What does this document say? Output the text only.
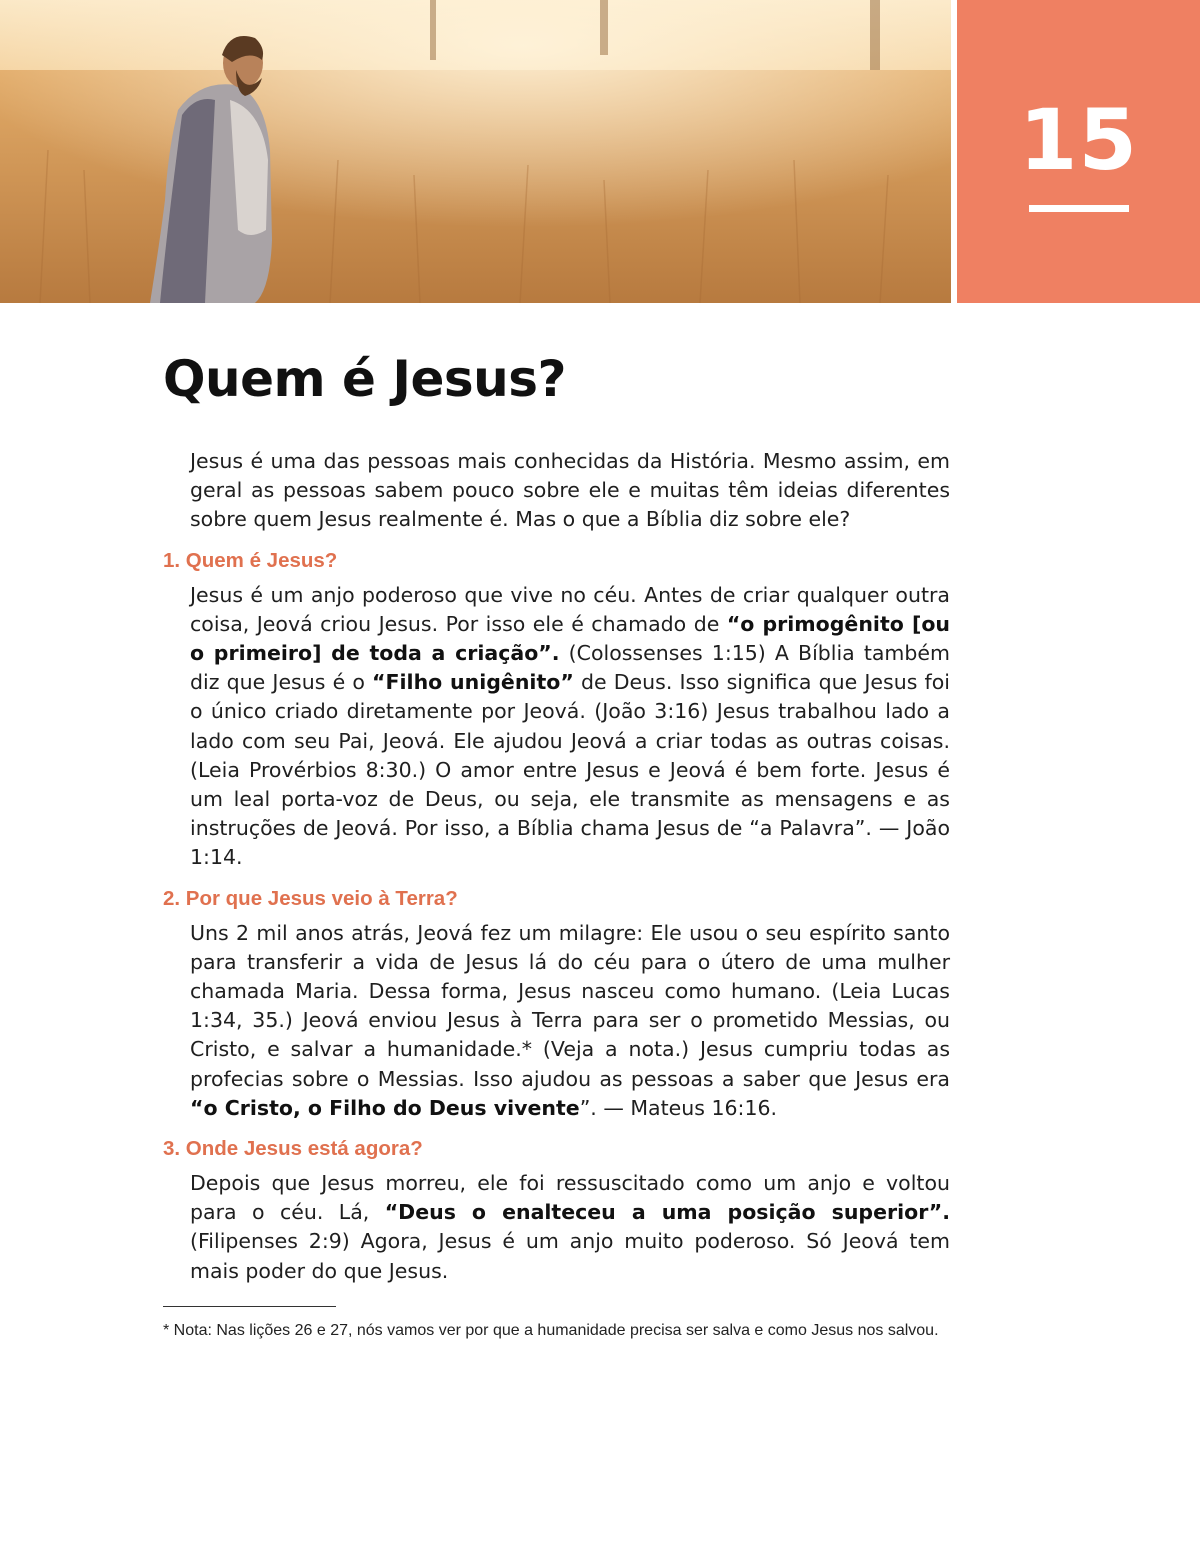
15
Quem é Jesus?

Jesus é uma das pessoas mais conhecidas da História. Mesmo assim, em geral as pessoas sabem pouco sobre ele e muitas têm ideias diferentes sobre quem Jesus realmente é. Mas o que a Bíblia diz sobre ele?

1. Quem é Jesus?

Jesus é um anjo poderoso que vive no céu. Antes de criar qualquer outra coisa, Jeová criou Jesus. Por isso ele é chamado de “o primogênito [ou o primeiro] de toda a criação”. (Colossenses 1:15) A Bíblia também diz que Jesus é o “Filho unigênito” de Deus. Isso significa que Jesus foi o único criado diretamente por Jeová. (João 3:16) Jesus trabalhou lado a lado com seu Pai, Jeová. Ele ajudou Jeová a criar todas as outras coisas. (Leia Provérbios 8:30.) O amor entre Jesus e Jeová é bem forte. Jesus é um leal porta-voz de Deus, ou seja, ele transmite as mensagens e as instruções de Jeová. Por isso, a Bíblia chama Jesus de “a Palavra”. — João 1:14.

2. Por que Jesus veio à Terra?

Uns 2 mil anos atrás, Jeová fez um milagre: Ele usou o seu espírito santo para transferir a vida de Jesus lá do céu para o útero de uma mulher chamada Maria. Dessa forma, Jesus nasceu como humano. (Leia Lucas 1:34, 35.) Jeová enviou Jesus à Terra para ser o prometido Messias, ou Cristo, e salvar a humanidade.* (Veja a nota.) Jesus cumpriu todas as profecias sobre o Messias. Isso ajudou as pessoas a saber que Jesus era “o Cristo, o Filho do Deus vivente”. — Mateus 16:16.

3. Onde Jesus está agora?

Depois que Jesus morreu, ele foi ressuscitado como um anjo e voltou para o céu. Lá, “Deus o enalteceu a uma posição superior”. (Filipenses 2:9) Agora, Jesus é um anjo muito poderoso. Só Jeová tem mais poder do que Jesus.

* Nota: Nas lições 26 e 27, nós vamos ver por que a humanidade precisa ser salva e como Jesus nos salvou.
